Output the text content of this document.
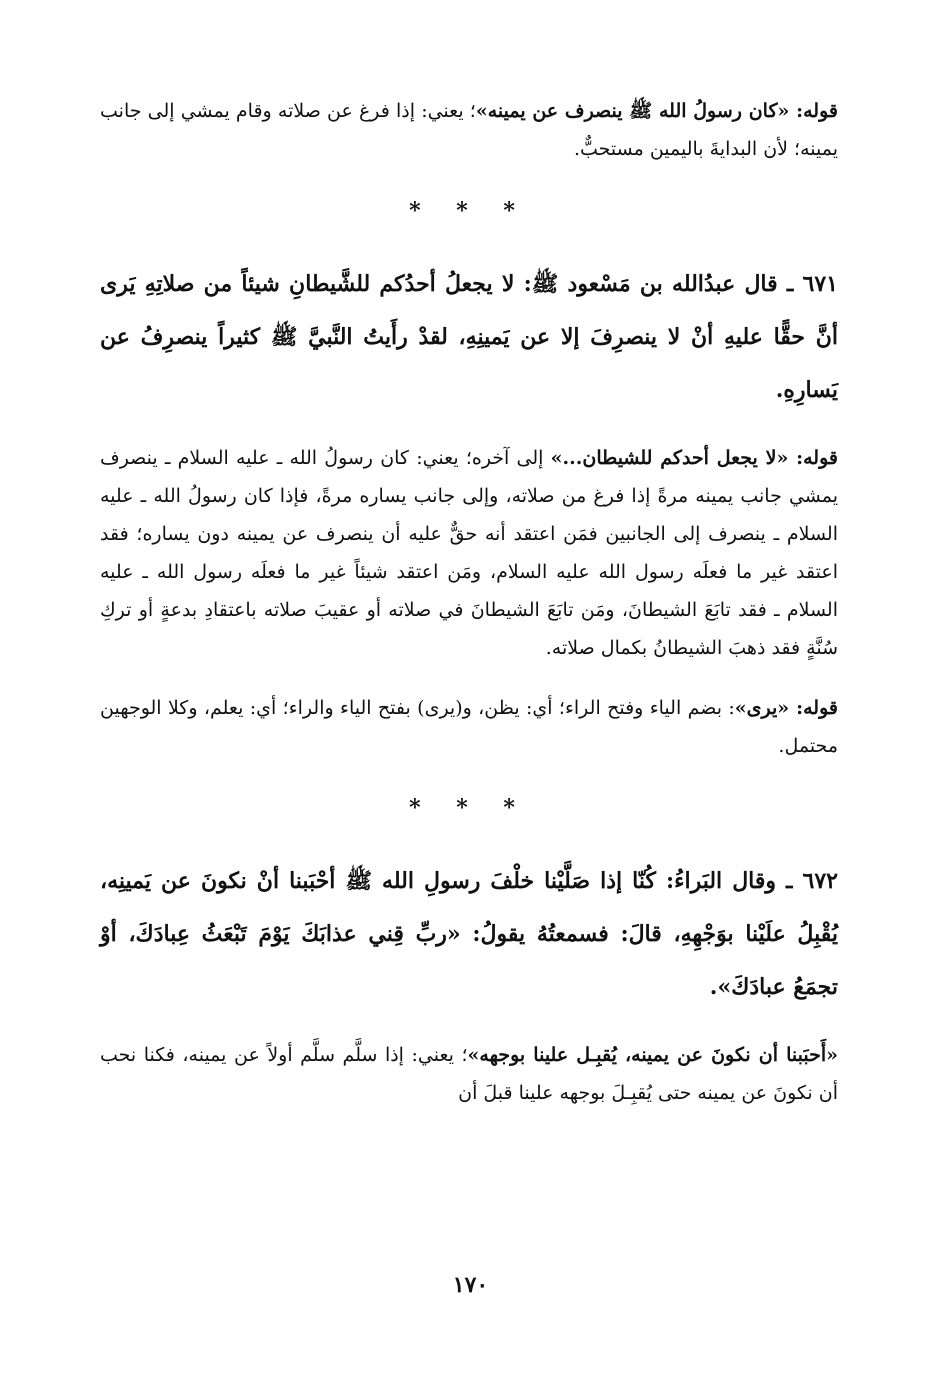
قوله: «كان رسولُ الله ﷺ ينصرف عن يمينه»؛ يعني: إذا فرغ عن صلاته وقام يمشي إلى جانب يمينه؛ لأن البدايةَ باليمين مستحبٌّ.

* * *

٦٧١ ـ قال عبدُالله بن مَسْعود ﷺ: لا يجعلُ أحدُكم للشَّيطانِ شيئاً من صلاتِهِ يَرى أنَّ حقًّا عليهِ أنْ لا ينصرِفَ إلا عن يَمينِهِ، لقدْ رأَيتُ النَّبيَّ ﷺ كثيراً ينصرِفُ عن يَسارِهِ.

قوله: «لا يجعل أحدكم للشيطان...» إلى آخره؛ يعني: كان رسولُ الله ـ عليه السلام ـ ينصرف يمشي جانب يمينه مرةً إذا فرغ من صلاته، وإلى جانب يساره مرةً، فإذا كان رسولُ الله ـ عليه السلام ـ ينصرف إلى الجانبين فمَن اعتقد أنه حقٌّ عليه أن ينصرف عن يمينه دون يساره؛ فقد اعتقد غير ما فعلَه رسول الله عليه السلام، ومَن اعتقد شيئاً غير ما فعلَه رسول الله ـ عليه السلام ـ فقد تابَعَ الشيطانَ، ومَن تابَعَ الشيطانَ في صلاته أو عقيبَ صلاته باعتقادِ بدعةٍ أو تركِ سُنَّةٍ فقد ذهبَ الشيطانُ بكمال صلاته.

قوله: «يرى»: بضم الياء وفتح الراء؛ أي: يظن، و(يرى) بفتح الياء والراء؛ أي: يعلم، وكلا الوجهين محتمل.

* * *

٦٧٢ ـ وقال البَراءُ: كُنّا إذا صَلَّيْنا خلْفَ رسولِ الله ﷺ أحْبَبنا أنْ نكونَ عن يَمينِه، يُقْبِلُ علَيْنا بوَجْهِهِ، قالَ: فسمعتُهُ يقولُ: «ربِّ قِني عذابَكَ يَوْمَ تَبْعَثُ عِبادَكَ، أوْ تجمَعُ عبادَكَ».

«أَحبَبنا أن نكونَ عن يمينه، يُقبِـل علينا بوجهه»؛ يعني: إذا سلَّم سلَّم أولاً عن يمينه، فكنا نحب أن نكونَ عن يمينه حتى يُقبِـلَ بوجهه علينا قبلَ أن

١٧٠
